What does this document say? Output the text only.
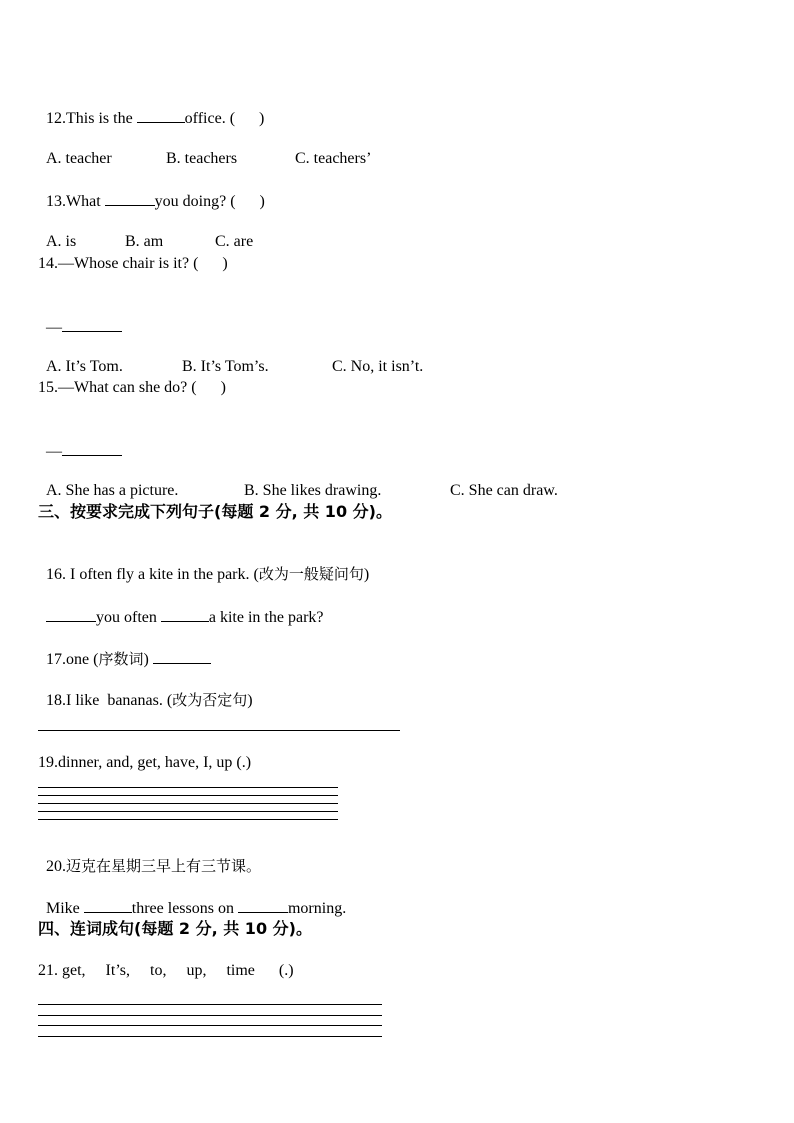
12.This is the	office. (      )

A. teacher	B. teachers	C. teachers’

13.What	you doing? (      )

A. is	B. am	C. are

14.—Whose chair is it? (      )

—

A. It’s Tom.	B. It’s Tom’s.	C. No, it isn’t.

15.—What can she do? (      )

—

A. She has a picture.	B. She likes drawing.	C. She can draw.

三、按要求完成下列句子(每题 2 分, 共 10 分)。

16. I often fly a kite in the park. (改为一般疑问句)

you often	a kite in the park?

17.one (序数词)

18.I like  bananas. (改为否定句)

19.dinner, and, get, have, I, up (.)

20.迈克在星期三早上有三节课。

Mike	three lessons on	morning.

四、连词成句(每题 2 分, 共 10 分)。
21. get,     It’s,     to,     up,     time      (.)
